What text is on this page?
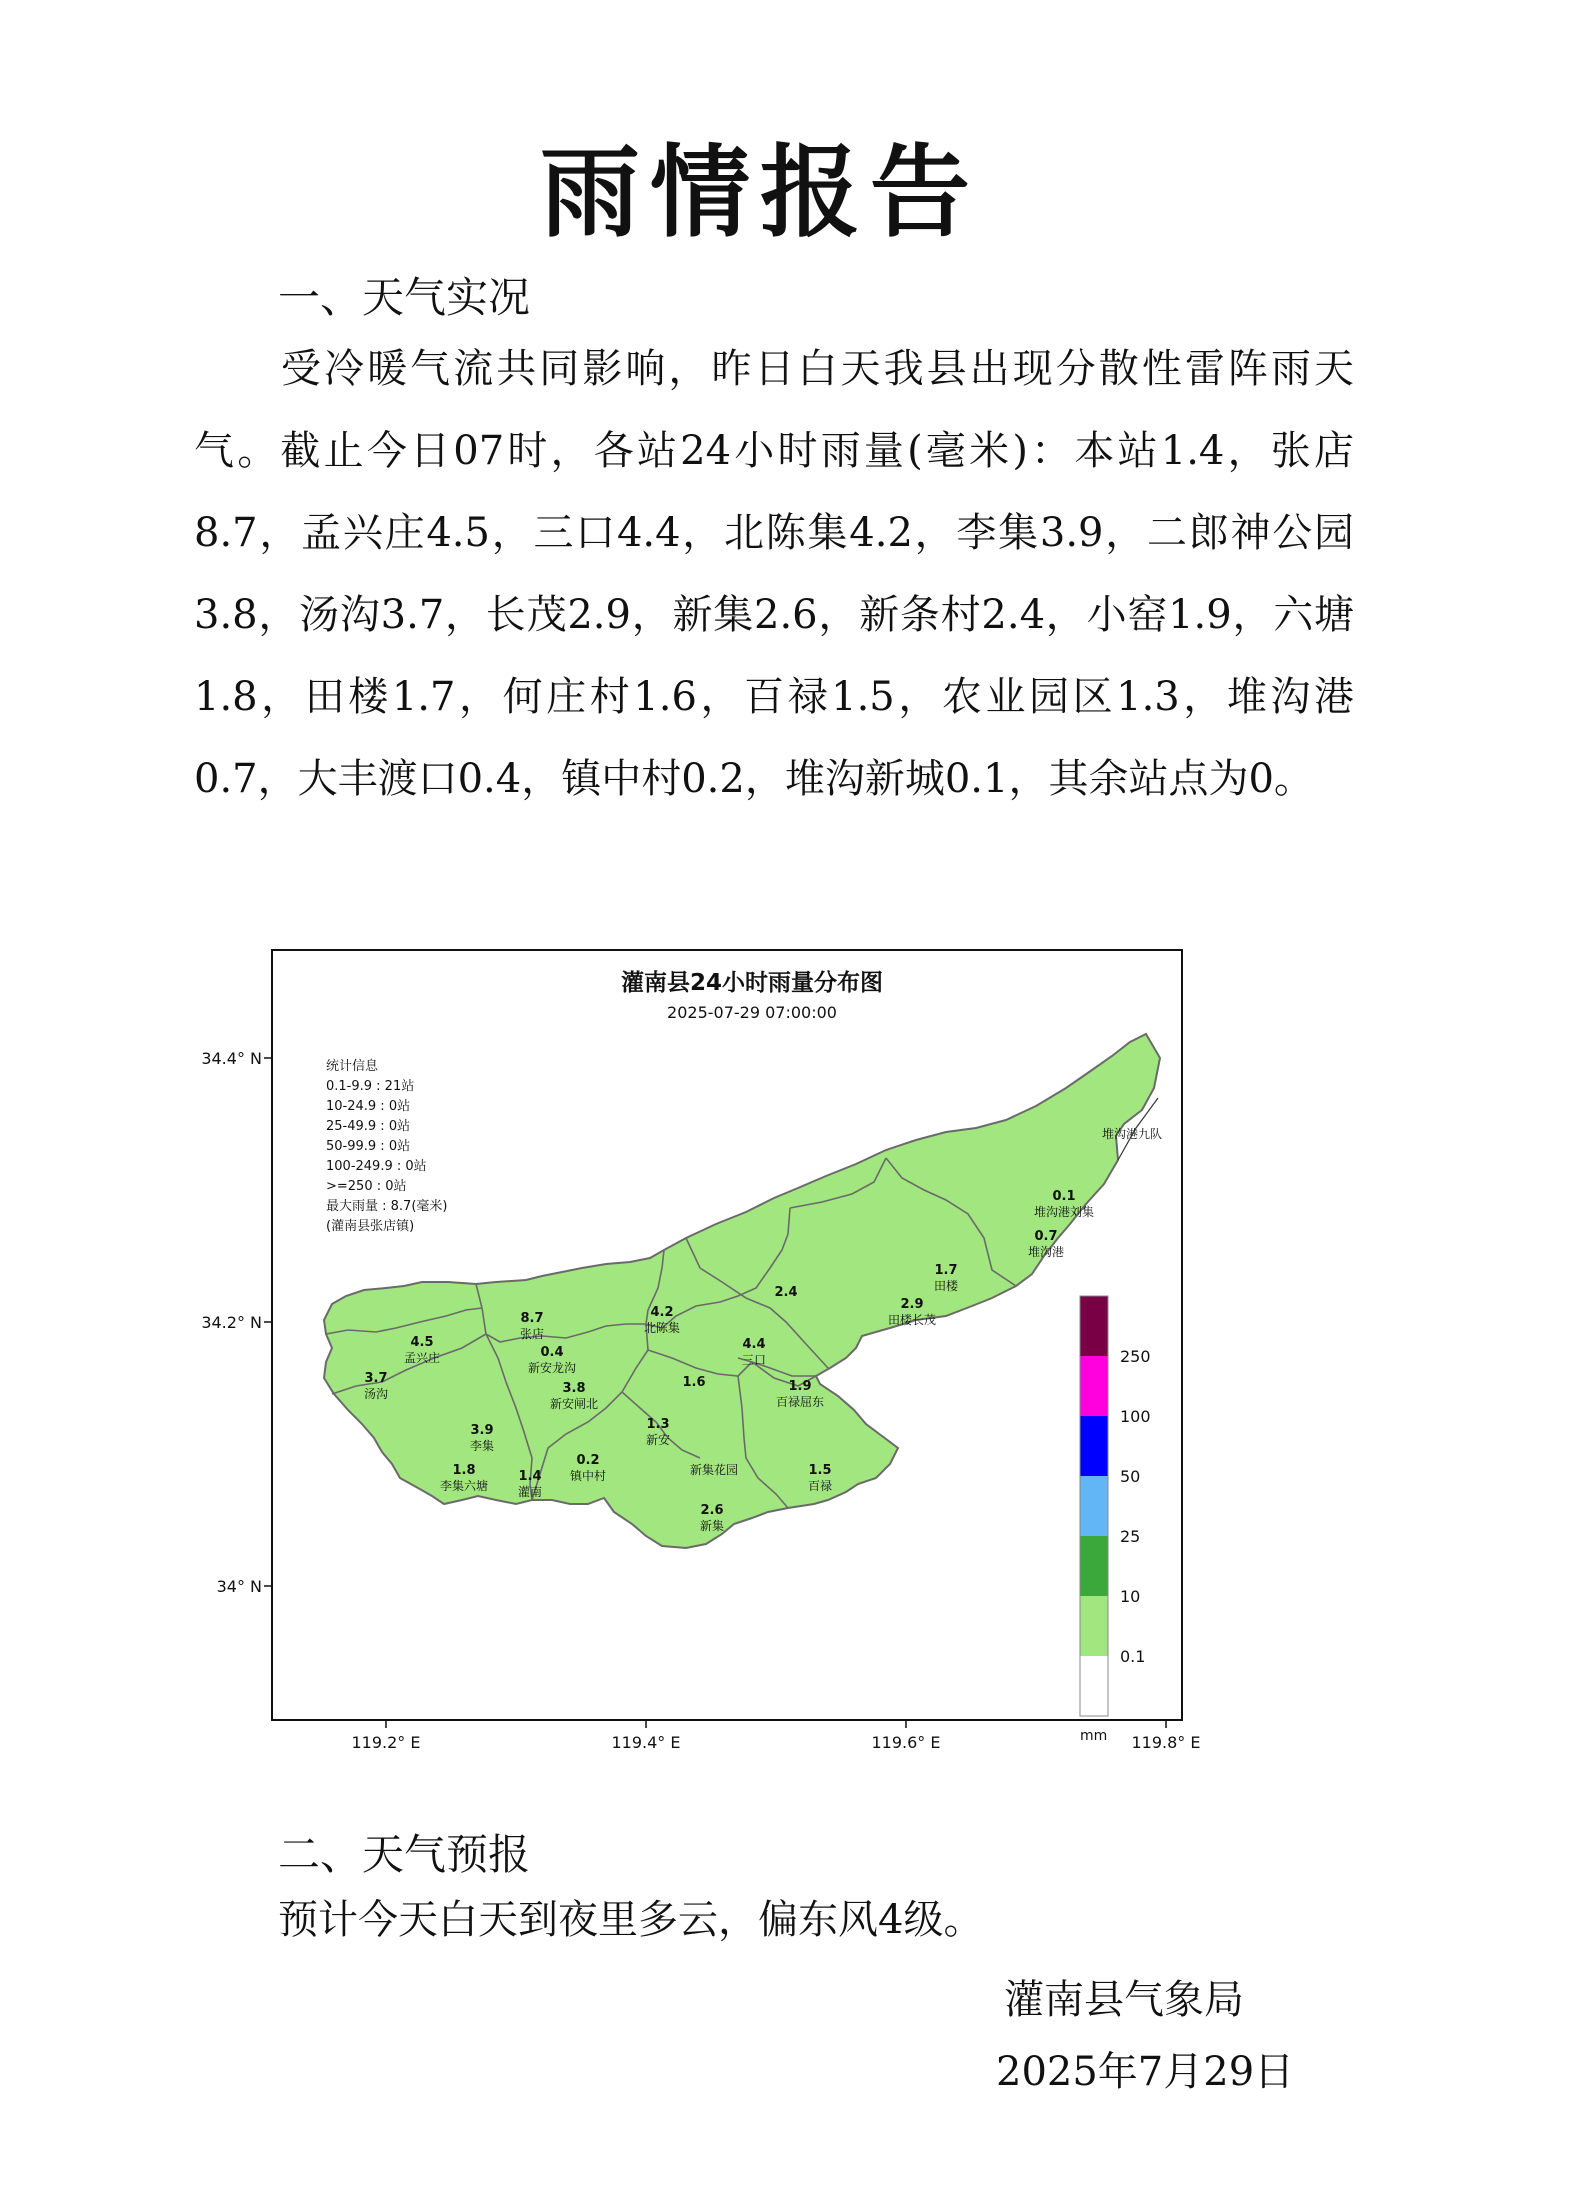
雨情报告

一、天气实况

受冷暖气流共同影响，昨日白天我县出现分散性雷阵雨天气。截止今日07时，各站24小时雨量(毫米)：本站1.4，张店8.7，孟兴庄4.5，三口4.4，北陈集4.2，李集3.9，二郎神公园3.8，汤沟3.7，长茂2.9，新集2.6，新条村2.4，小窑1.9，六塘1.8，田楼1.7，何庄村1.6，百禄1.5，农业园区1.3，堆沟港0.7，大丰渡口0.4，镇中村0.2，堆沟新城0.1，其余站点为0。

灌南县24小时雨量分布图
2025-07-29 07:00:00
统计信息
0.1-9.9 : 21站
10-24.9 : 0站
25-49.9 : 0站
50-99.9 : 0站
100-249.9 : 0站
>=250 : 0站
最大雨量 : 8.7(毫米)
(灌南县张店镇)
34.4° N
34.2° N
34° N
119.2° E	119.4° E	119.6° E	119.8° E
250
100
50
25
10
0.1
mm
堆沟港九队
0.1
堆沟港刘集
0.7
堆沟港
1.7
田楼
2.9
田楼长茂
2.4
4.2
北陈集
8.7
张店
4.5
孟兴庄
3.7
汤沟
0.4
新安龙沟
3.8
新安闸北
4.4
三口
1.6	1.9
百禄屈东
3.9
李集
1.8
李集六塘
1.4
灌南
0.2
镇中村
1.3
新安
新集花园	1.5
百禄
2.6
新集

二、天气预报

预计今天白天到夜里多云，偏东风4级。

灌南县气象局

2025年7月29日
